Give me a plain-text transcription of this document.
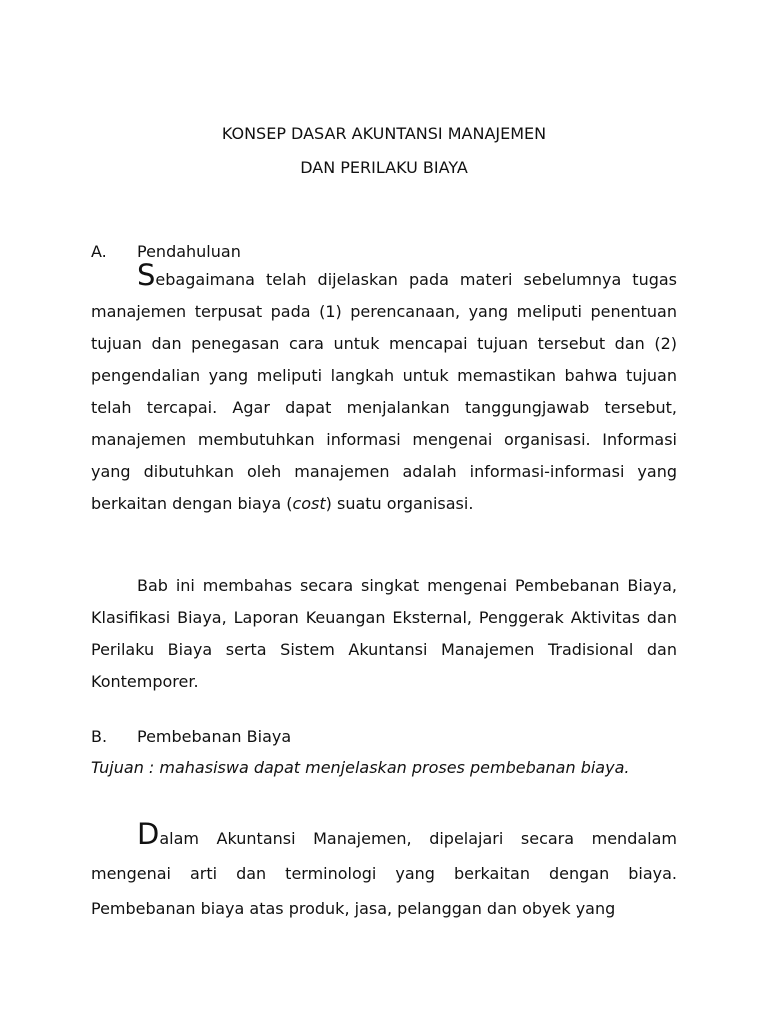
KONSEP DASAR AKUNTANSI MANAJEMEN
DAN PERILAKU BIAYA
A. Pendahuluan

Sebagaimana telah dijelaskan pada materi sebelumnya tugas manajemen terpusat pada (1) perencanaan, yang meliputi penentuan tujuan dan penegasan cara untuk mencapai tujuan tersebut dan (2) pengendalian yang meliputi langkah untuk memastikan bahwa tujuan telah tercapai. Agar dapat menjalankan tanggungjawab tersebut, manajemen membutuhkan informasi mengenai organisasi. Informasi yang dibutuhkan oleh manajemen adalah informasi-informasi yang berkaitan dengan biaya (cost) suatu organisasi.

Bab ini membahas secara singkat mengenai Pembebanan Biaya, Klasifikasi Biaya, Laporan Keuangan Eksternal, Penggerak Aktivitas dan Perilaku Biaya serta Sistem Akuntansi Manajemen Tradisional dan Kontemporer.

B. Pembebanan Biaya

Tujuan : mahasiswa dapat menjelaskan proses pembebanan biaya.

Dalam Akuntansi Manajemen, dipelajari secara mendalam mengenai arti dan terminologi yang berkaitan dengan biaya. Pembebanan biaya atas produk, jasa, pelanggan dan obyek yang
